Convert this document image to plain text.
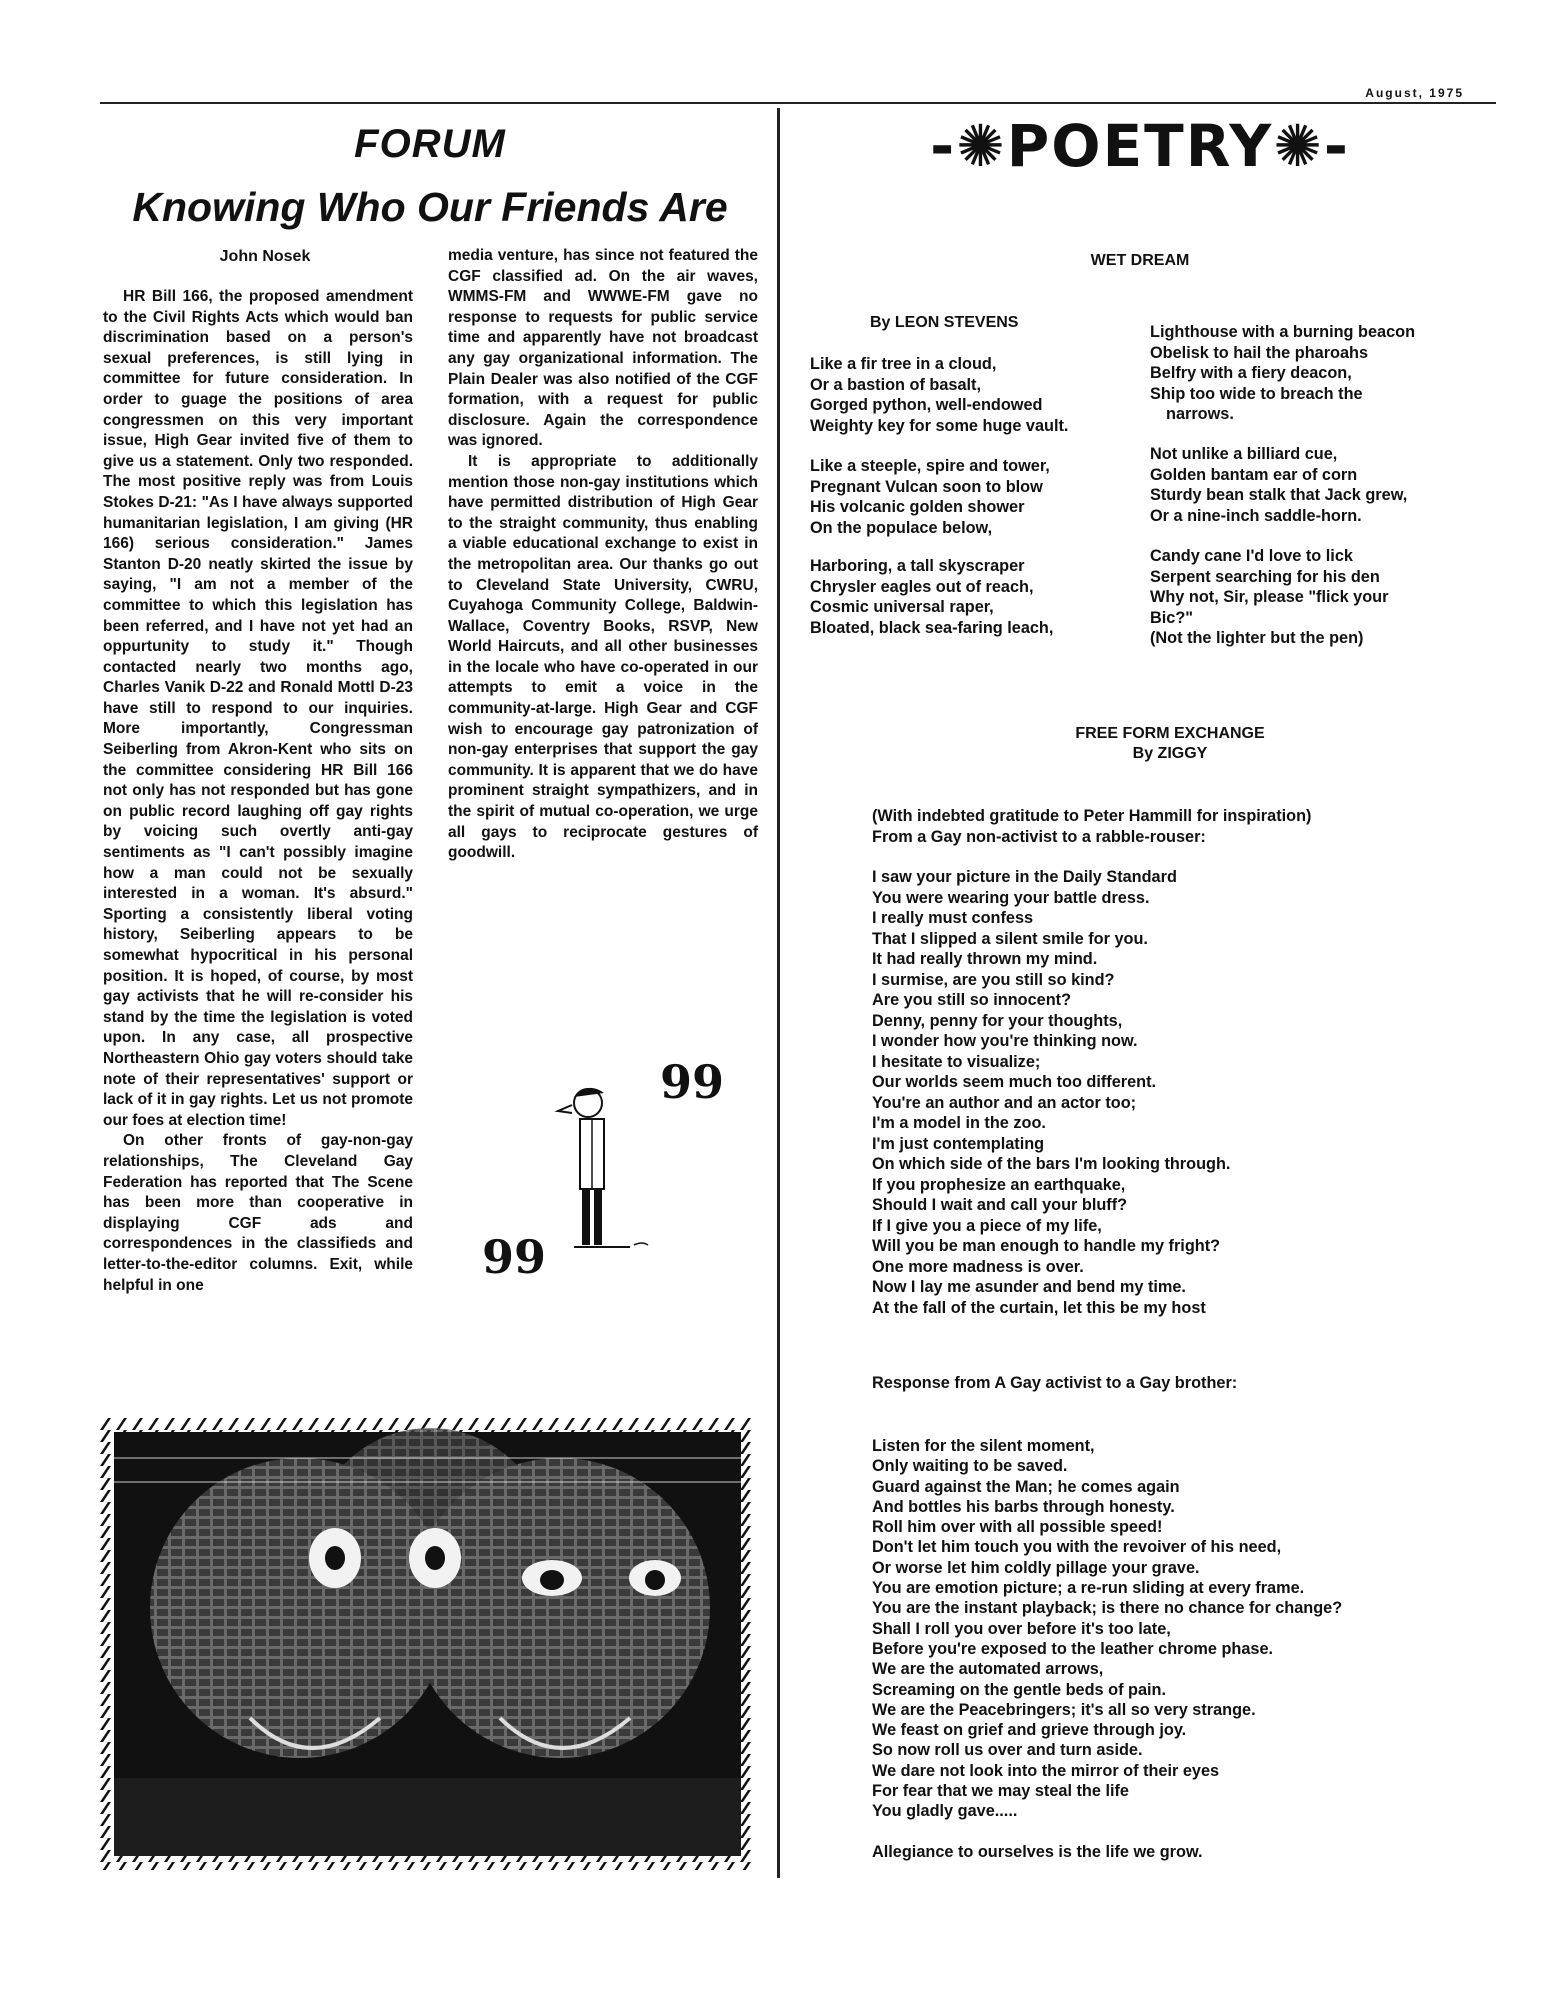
August, 1975
FORUM
Knowing Who Our Friends Are
John Nosek

HR Bill 166, the proposed amendment to the Civil Rights Acts which would ban discrimination based on a person's sexual preferences, is still lying in committee for future consideration. In order to guage the positions of area congressmen on this very important issue, High Gear invited five of them to give us a statement. Only two responded. The most positive reply was from Louis Stokes D-21: "As I have always supported humanitarian legislation, I am giving (HR 166) serious consideration." James Stanton D-20 neatly skirted the issue by saying, "I am not a member of the committee to which this legislation has been referred, and I have not yet had an oppurtunity to study it." Though contacted nearly two months ago, Charles Vanik D-22 and Ronald Mottl D-23 have still to respond to our inquiries. More importantly, Congressman Seiberling from Akron-Kent who sits on the committee considering HR Bill 166 not only has not responded but has gone on public record laughing off gay rights by voicing such overtly anti-gay sentiments as "I can't possibly imagine how a man could not be sexually interested in a woman. It's absurd." Sporting a consistently liberal voting history, Seiberling appears to be somewhat hypocritical in his personal position. It is hoped, of course, by most gay activists that he will re-consider his stand by the time the legislation is voted upon. In any case, all prospective Northeastern Ohio gay voters should take note of their representatives' support or lack of it in gay rights. Let us not promote our foes at election time!

On other fronts of gay-non-gay relationships, The Cleveland Gay Federation has reported that The Scene has been more than cooperative in displaying CGF ads and correspondences in the classifieds and letter-to-the-editor columns. Exit, while helpful in one

media venture, has since not featured the CGF classified ad. On the air waves, WMMS-FM and WWWE-FM gave no response to requests for public service time and apparently have not broadcast any gay organizational information. The Plain Dealer was also notified of the CGF formation, with a request for public disclosure. Again the correspondence was ignored.

It is appropriate to additionally mention those non-gay institutions which have permitted distribution of High Gear to the straight community, thus enabling a viable educational exchange to exist in the metropolitan area. Our thanks go out to Cleveland State University, CWRU, Cuyahoga Community College, Baldwin-Wallace, Coventry Books, RSVP, New World Haircuts, and all other businesses in the locale who have co-operated in our attempts to emit a voice in the community-at-large. High Gear and CGF wish to encourage gay patronization of non-gay enterprises that support the gay community. It is apparent that we do have prominent straight sympathizers, and in the spirit of mutual co-operation, we urge all gays to reciprocate gestures of goodwill.

99
99
‑✺POETRY✺‑
WET DREAM
By LEON STEVENS
Like a fir tree in a cloud,
Or a bastion of basalt,
Gorged python, well-endowed
Weighty key for some huge vault.
Like a steeple, spire and tower,
Pregnant Vulcan soon to blow
His volcanic golden shower
On the populace below,
Harboring, a tall skyscraper
Chrysler eagles out of reach,
Cosmic universal raper,
Bloated, black sea-faring leach,
Lighthouse with a burning beacon
Obelisk to hail the pharoahs
Belfry with a fiery deacon,
Ship too wide to breach the
narrows.
Not unlike a billiard cue,
Golden bantam ear of corn
Sturdy bean stalk that Jack grew,
Or a nine-inch saddle-horn.
Candy cane I'd love to lick
Serpent searching for his den
Why not, Sir, please "flick your
Bic?"
(Not the lighter but the pen)
FREE FORM EXCHANGE
By ZIGGY
(With indebted gratitude to Peter Hammill for inspiration)
From a Gay non-activist to a rabble-rouser:
I saw your picture in the Daily Standard
You were wearing your battle dress.
I really must confess
That I slipped a silent smile for you.
It had really thrown my mind.
I surmise, are you still so kind?
Are you still so innocent?
Denny, penny for your thoughts,
I wonder how you're thinking now.
I hesitate to visualize;
Our worlds seem much too different.
You're an author and an actor too;
I'm a model in the zoo.
I'm just contemplating
On which side of the bars I'm looking through.
If you prophesize an earthquake,
Should I wait and call your bluff?
If I give you a piece of my life,
Will you be man enough to handle my fright?
One more madness is over.
Now I lay me asunder and bend my time.
At the fall of the curtain, let this be my host
Response from A Gay activist to a Gay brother:
Listen for the silent moment,
Only waiting to be saved.
Guard against the Man; he comes again
And bottles his barbs through honesty.
Roll him over with all possible speed!
Don't let him touch you with the revoiver of his need,
Or worse let him coldly pillage your grave.
You are emotion picture; a re-run sliding at every frame.
You are the instant playback; is there no chance for change?
Shall I roll you over before it's too late,
Before you're exposed to the leather chrome phase.
We are the automated arrows,
Screaming on the gentle beds of pain.
We are the Peacebringers; it's all so very strange.
We feast on grief and grieve through joy.
So now roll us over and turn aside.
We dare not look into the mirror of their eyes
For fear that we may steal the life
You gladly gave.....
Allegiance to ourselves is the life we grow.
